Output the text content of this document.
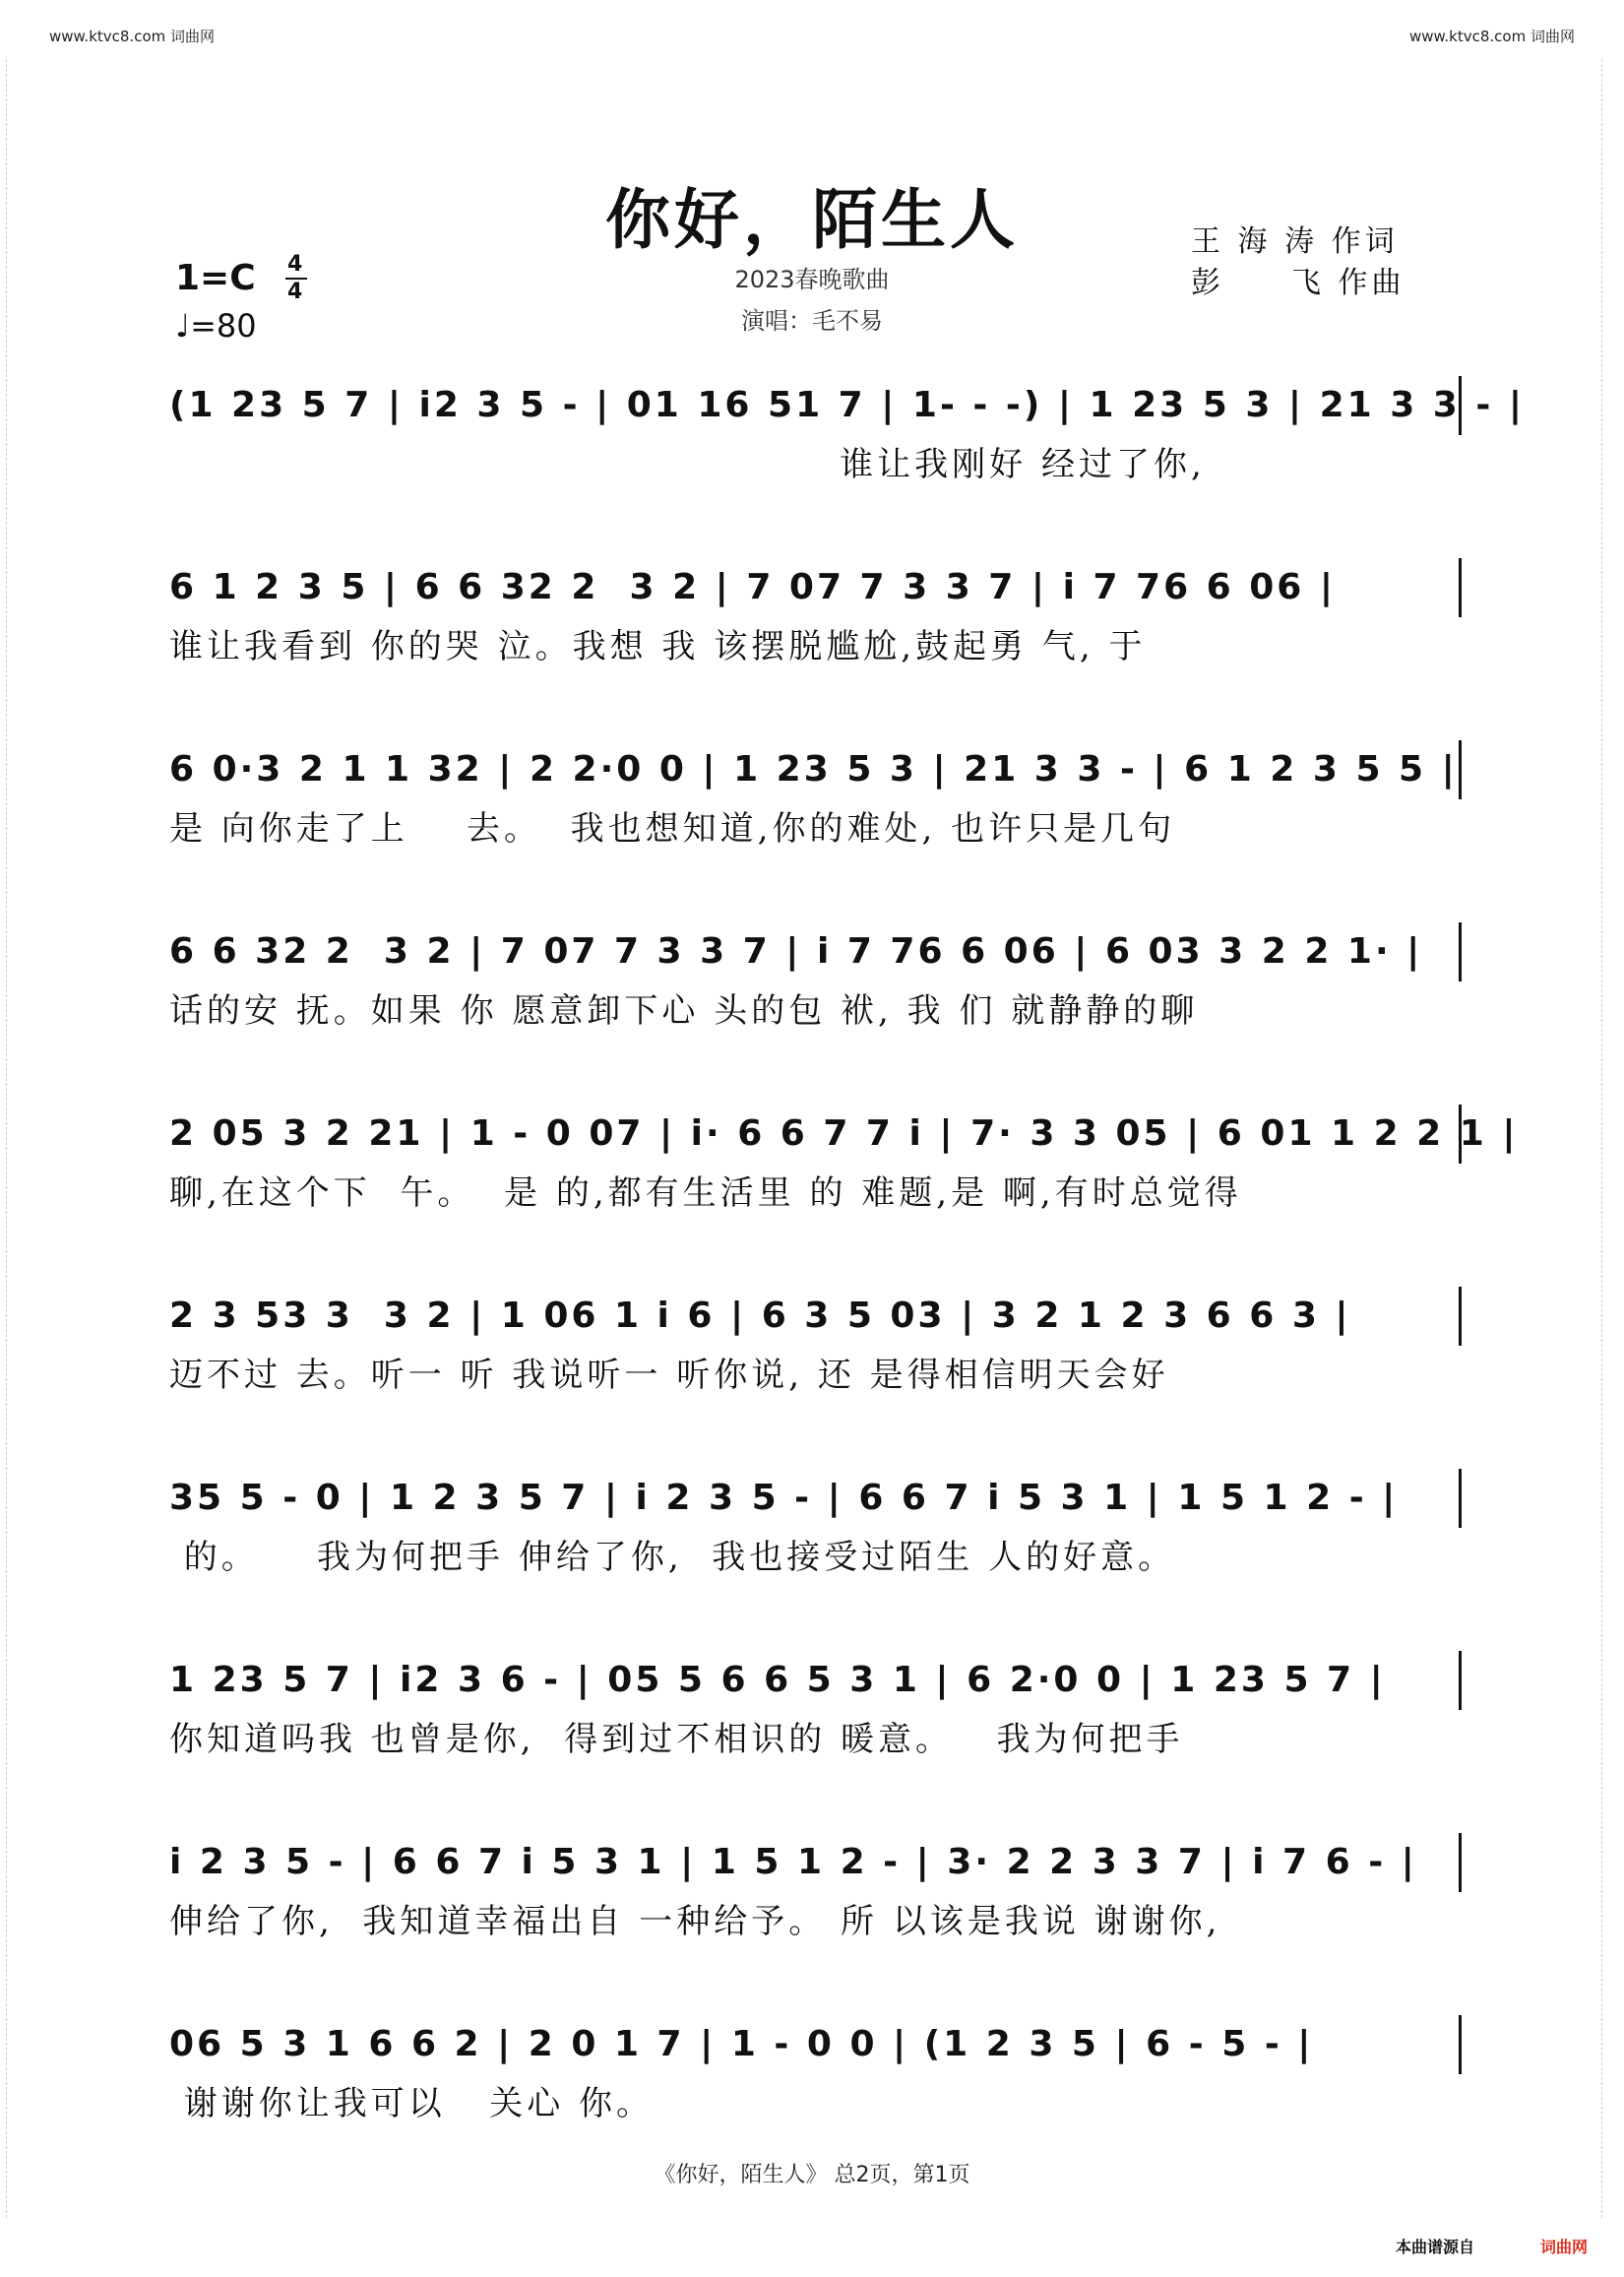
www.ktvc8.com 词曲网	www.ktvc8.com 词曲网
你好，陌生人	王 海 涛 作词
彭　　飞 作曲
2023春晚歌曲
演唱：毛不易
1=C 4
4
♩=80
(1 23 5 7 | i2 3 5 - | 01 16 51 7 | 1- - -) | 1 23 5 3 | 21 3 3 - |
谁让我刚好 经过了你,
6 1 2 3 5 | 6 6 32 2  3 2 | 7 07 7 3 3 7 | i 7 76 6 06 |
谁让我看到 你的哭 泣。我想 我 该摆脱尴尬,鼓起勇 气, 于
6 0·3 2 1 1 32 | 2 2·0 0 | 1 23 5 3 | 21 3 3 - | 6 1 2 3 5 5 |
是 向你走了上    去。  我也想知道,你的难处, 也许只是几句
6 6 32 2  3 2 | 7 07 7 3 3 7 | i 7 76 6 06 | 6 03 3 2 2 1· |
话的安 抚。如果 你 愿意卸下心 头的包 袱, 我 们 就静静的聊
2 05 3 2 21 | 1 - 0 07 | i· 6 6 7 7 i | 7· 3 3 05 | 6 01 1 2 2 1 |
聊,在这个下  午。  是 的,都有生活里 的 难题,是 啊,有时总觉得
2 3 53 3  3 2 | 1 06 1 i 6 | 6 3 5 03 | 3 2 1 2 3 6 6 3 |
迈不过 去。听一 听 我说听一 听你说, 还 是得相信明天会好
35 5 - 0 | 1 2 3 5 7 | i 2 3 5 - | 6 6 7 i 5 3 1 | 1 5 1 2 - |
的。    我为何把手 伸给了你,  我也接受过陌生 人的好意。
1 23 5 7 | i2 3 6 - | 05 5 6 6 5 3 1 | 6 2·0 0 | 1 23 5 7 |
你知道吗我 也曾是你,  得到过不相识的 暖意。   我为何把手
i 2 3 5 - | 6 6 7 i 5 3 1 | 1 5 1 2 - | 3· 2 2 3 3 7 | i 7 6 - |
伸给了你,  我知道幸福出自 一种给予。 所 以该是我说 谢谢你,
06 5 3 1 6 6 2 | 2 0 1 7 | 1 - 0 0 | (1 2 3 5 | 6 - 5 - |
谢谢你让我可以   关心 你。
《你好，陌生人》 总2页，第1页
本曲谱源自	词曲网
